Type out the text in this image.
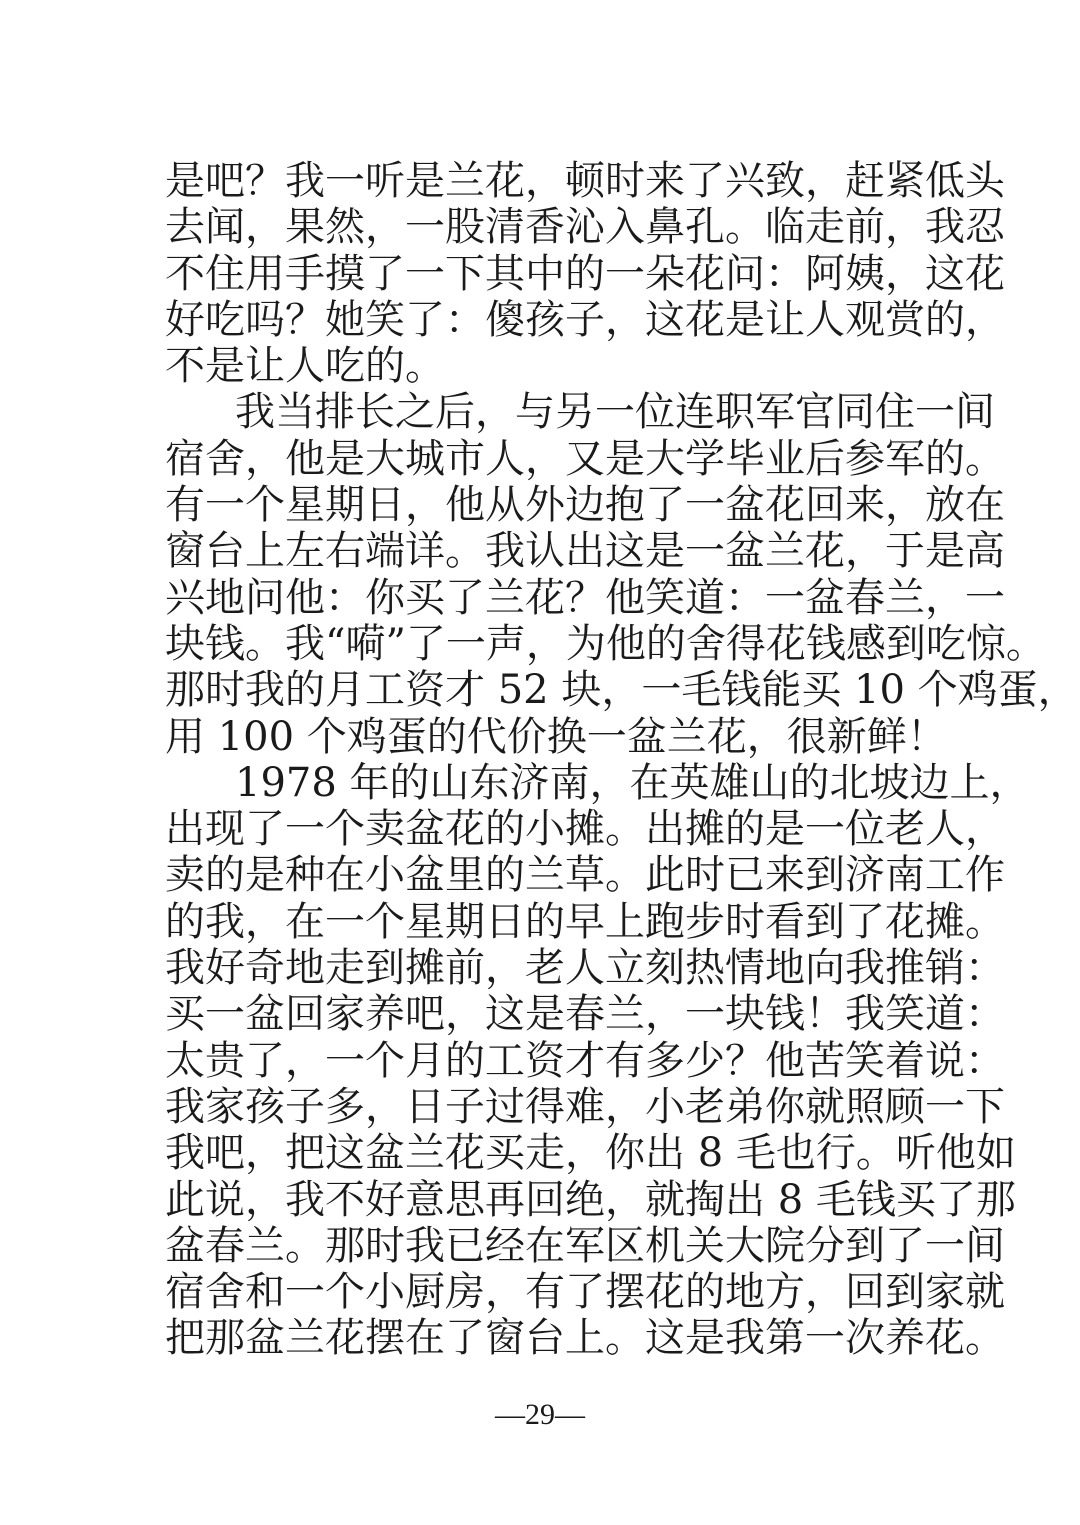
是吧？我一听是兰花，顿时来了兴致，赶紧低头
去闻，果然，一股清香沁入鼻孔。临走前，我忍
不住用手摸了一下其中的一朵花问：阿姨，这花
好吃吗？她笑了：傻孩子，这花是让人观赏的，
不是让人吃的。
我当排长之后，与另一位连职军官同住一间
宿舍，他是大城市人，又是大学毕业后参军的。
有一个星期日，他从外边抱了一盆花回来，放在
窗台上左右端详。我认出这是一盆兰花，于是高
兴地问他：你买了兰花？他笑道：一盆春兰，一
块钱。我“嗬”了一声，为他的舍得花钱感到吃惊。
那时我的月工资才 52 块，一毛钱能买 10 个鸡蛋，
用 100 个鸡蛋的代价换一盆兰花，很新鲜！
1978 年的山东济南，在英雄山的北坡边上，
出现了一个卖盆花的小摊。出摊的是一位老人，
卖的是种在小盆里的兰草。此时已来到济南工作
的我，在一个星期日的早上跑步时看到了花摊。
我好奇地走到摊前，老人立刻热情地向我推销：
买一盆回家养吧，这是春兰，一块钱！我笑道：
太贵了，一个月的工资才有多少？他苦笑着说：
我家孩子多，日子过得难，小老弟你就照顾一下
我吧，把这盆兰花买走，你出 8 毛也行。听他如
此说，我不好意思再回绝，就掏出 8 毛钱买了那
盆春兰。那时我已经在军区机关大院分到了一间
宿舍和一个小厨房，有了摆花的地方，回到家就
把那盆兰花摆在了窗台上。这是我第一次养花。
—29—
